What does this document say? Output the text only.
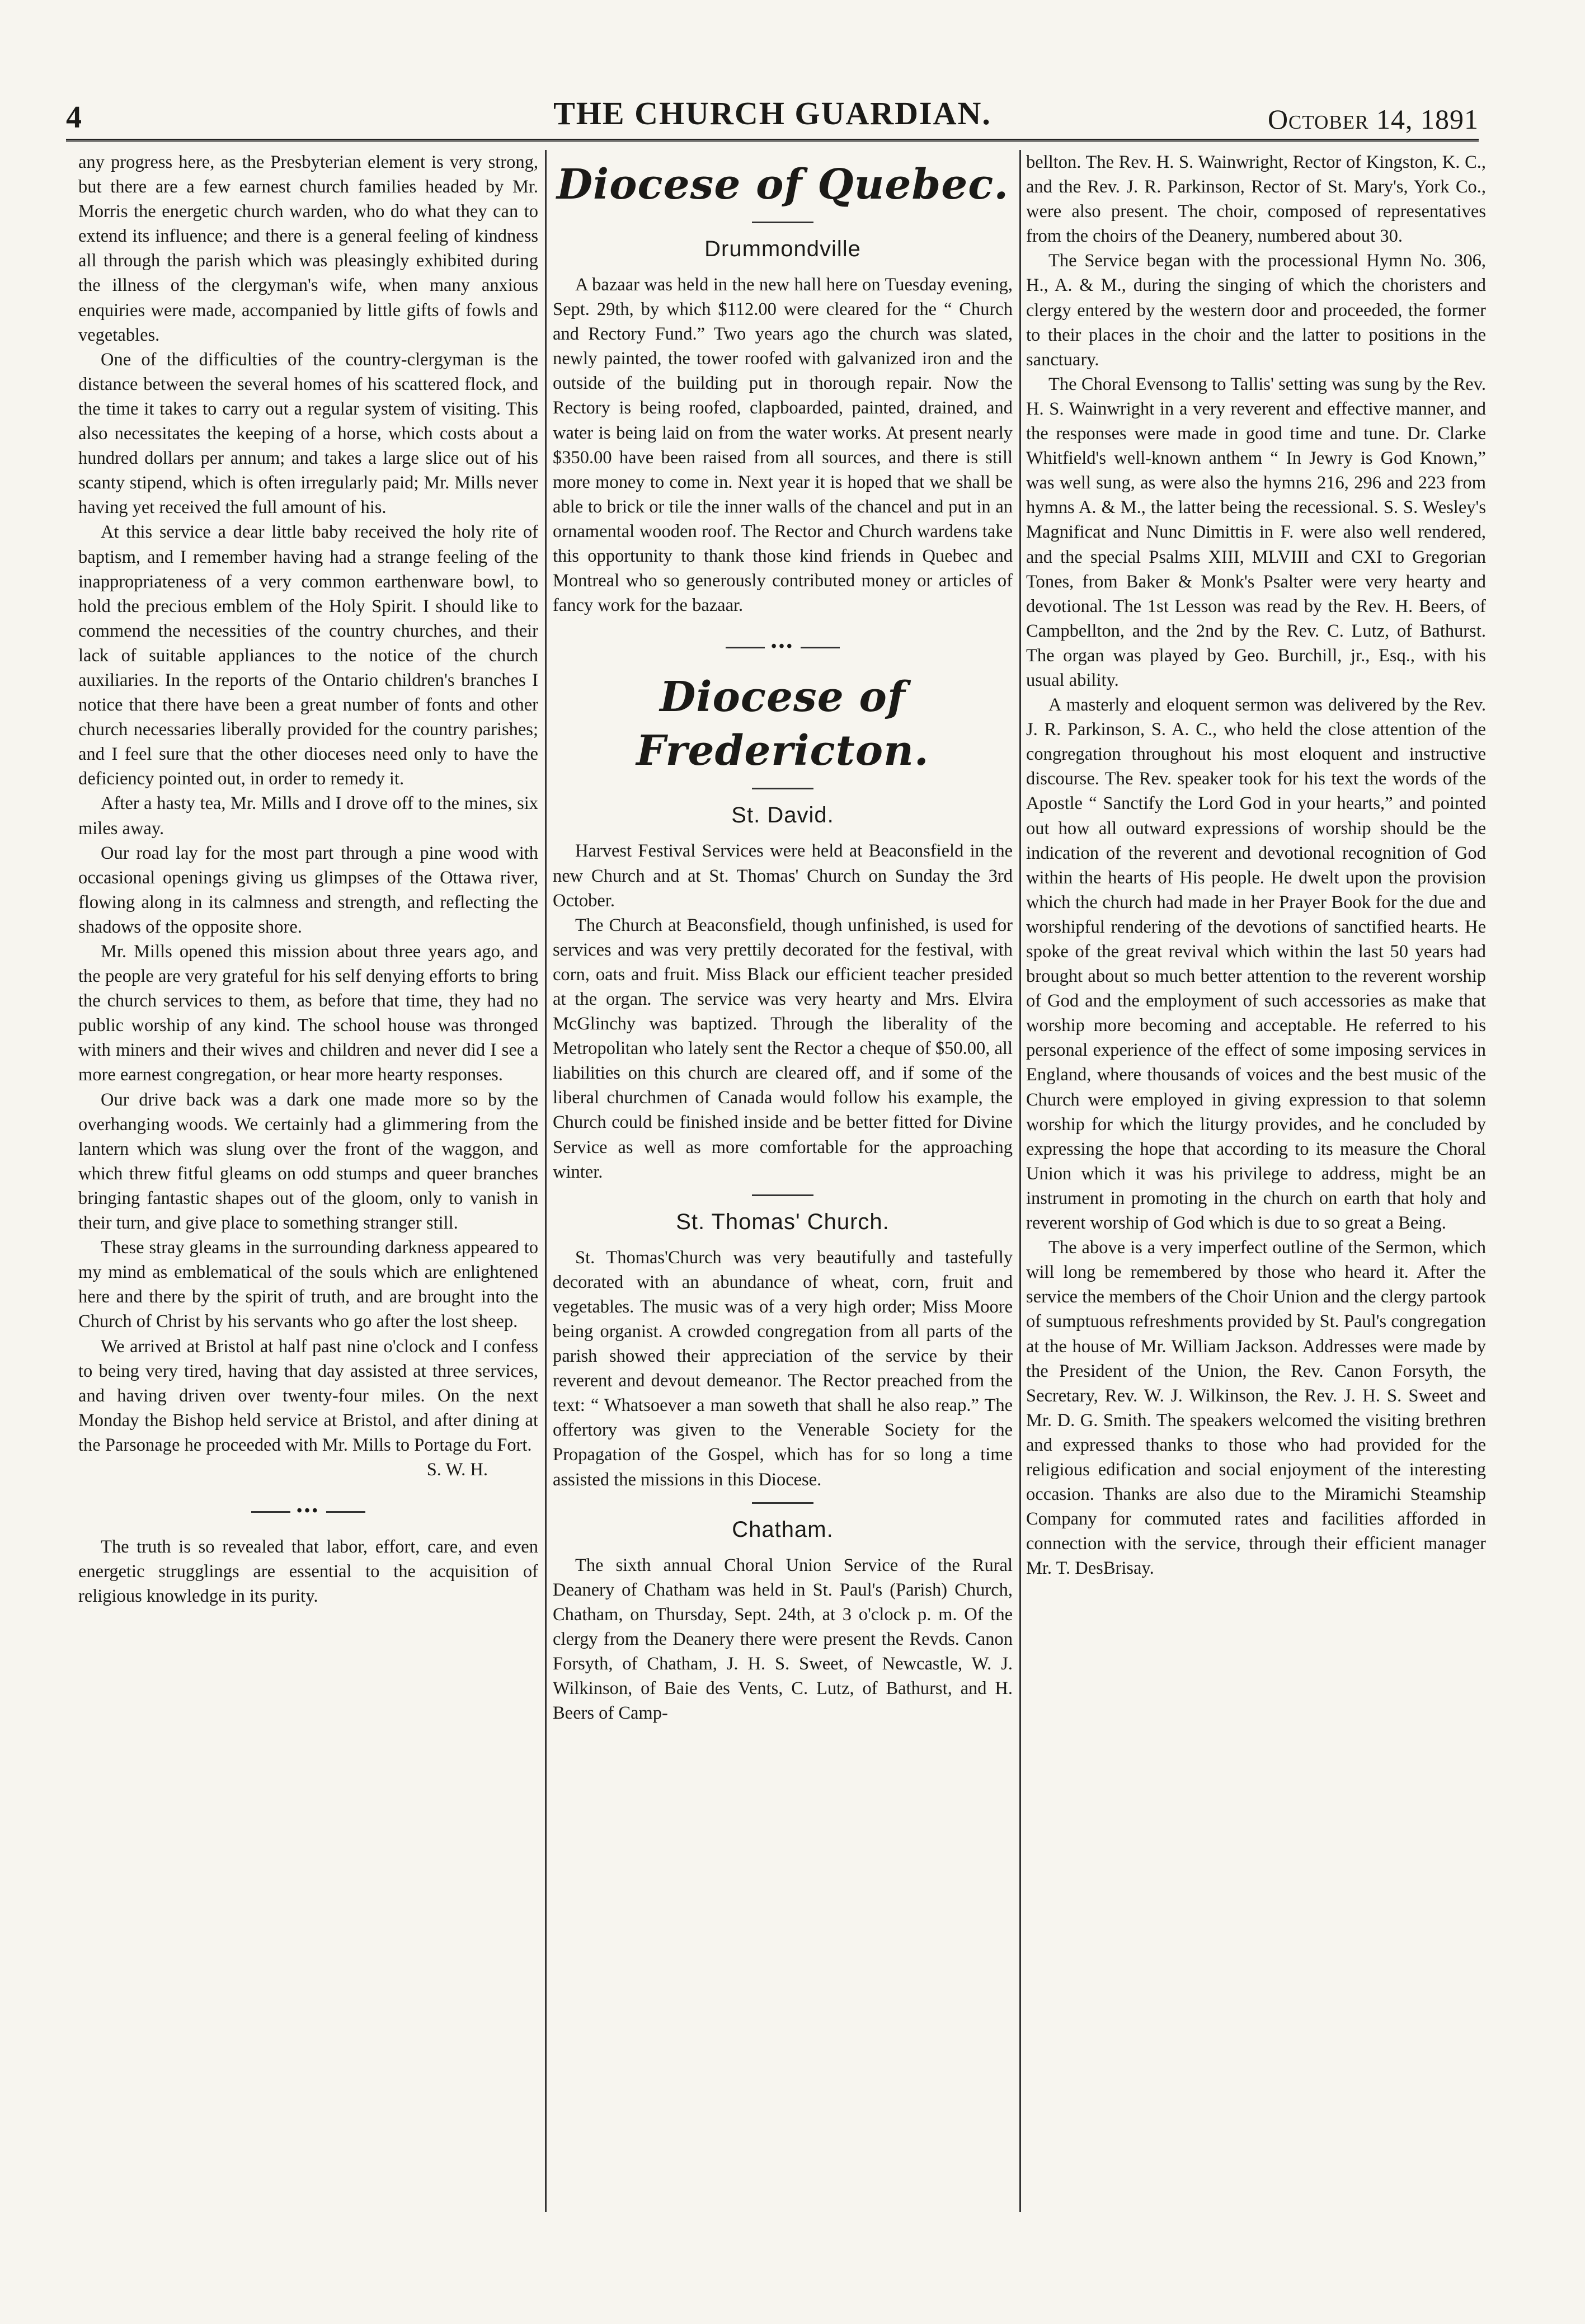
4	THE CHURCH GUARDIAN.	October 14, 1891

any progress here, as the Presbyterian element is very strong, but there are a few earnest church families headed by Mr. Morris the energetic church warden, who do what they can to extend its influence; and there is a general feeling of kindness all through the parish which was pleasingly exhibited during the illness of the clergyman's wife, when many anxious enquiries were made, accompanied by little gifts of fowls and vegetables.

One of the difficulties of the country-clergyman is the distance between the several homes of his scattered flock, and the time it takes to carry out a regular system of visiting. This also necessitates the keeping of a horse, which costs about a hundred dollars per annum; and takes a large slice out of his scanty stipend, which is often irregularly paid; Mr. Mills never having yet received the full amount of his.

At this service a dear little baby received the holy rite of baptism, and I remember having had a strange feeling of the inappropriateness of a very common earthenware bowl, to hold the precious emblem of the Holy Spirit. I should like to commend the necessities of the country churches, and their lack of suitable appliances to the notice of the church auxiliaries. In the reports of the Ontario children's branches I notice that there have been a great number of fonts and other church necessaries liberally provided for the country parishes; and I feel sure that the other dioceses need only to have the deficiency pointed out, in order to remedy it.

After a hasty tea, Mr. Mills and I drove off to the mines, six miles away.

Our road lay for the most part through a pine wood with occasional openings giving us glimpses of the Ottawa river, flowing along in its calmness and strength, and reflecting the shadows of the opposite shore.

Mr. Mills opened this mission about three years ago, and the people are very grateful for his self denying efforts to bring the church services to them, as before that time, they had no public worship of any kind. The school house was thronged with miners and their wives and children and never did I see a more earnest congregation, or hear more hearty responses.

Our drive back was a dark one made more so by the overhanging woods. We certainly had a glimmering from the lantern which was slung over the front of the waggon, and which threw fitful gleams on odd stumps and queer branches bringing fantastic shapes out of the gloom, only to vanish in their turn, and give place to something stranger still.

These stray gleams in the surrounding darkness appeared to my mind as emblematical of the souls which are enlightened here and there by the spirit of truth, and are brought into the Church of Christ by his servants who go after the lost sheep.

We arrived at Bristol at half past nine o'clock and I confess to being very tired, having that day assisted at three services, and having driven over twenty-four miles. On the next Monday the Bishop held service at Bristol, and after dining at the Parsonage he proceeded with Mr. Mills to Portage du Fort.

S. W. H.

•••

The truth is so revealed that labor, effort, care, and even energetic strugglings are essential to the acquisition of religious knowledge in its purity.

Diocese of Quebec.
Drummondville

A bazaar was held in the new hall here on Tuesday evening, Sept. 29th, by which $112.00 were cleared for the “ Church and Rectory Fund.” Two years ago the church was slated, newly painted, the tower roofed with galvanized iron and the outside of the building put in thorough repair. Now the Rectory is being roofed, clapboarded, painted, drained, and water is being laid on from the water works. At present nearly $350.00 have been raised from all sources, and there is still more money to come in. Next year it is hoped that we shall be able to brick or tile the inner walls of the chancel and put in an ornamental wooden roof. The Rector and Church wardens take this opportunity to thank those kind friends in Quebec and Montreal who so generously contributed money or articles of fancy work for the bazaar.

•••
Diocese of Fredericton.
St. David.

Harvest Festival Services were held at Beaconsfield in the new Church and at St. Thomas' Church on Sunday the 3rd October.

The Church at Beaconsfield, though unfinished, is used for services and was very prettily decorated for the festival, with corn, oats and fruit. Miss Black our efficient teacher presided at the organ. The service was very hearty and Mrs. Elvira McGlinchy was baptized. Through the liberality of the Metropolitan who lately sent the Rector a cheque of $50.00, all liabilities on this church are cleared off, and if some of the liberal churchmen of Canada would follow his example, the Church could be finished inside and be better fitted for Divine Service as well as more comfortable for the approaching winter.

St. Thomas' Church.

St. Thomas'Church was very beautifully and tastefully decorated with an abundance of wheat, corn, fruit and vegetables. The music was of a very high order; Miss Moore being organist. A crowded congregation from all parts of the parish showed their appreciation of the service by their reverent and devout demeanor. The Rector preached from the text: “ Whatsoever a man soweth that shall he also reap.” The offertory was given to the Venerable Society for the Propagation of the Gospel, which has for so long a time assisted the missions in this Diocese.

Chatham.

The sixth annual Choral Union Service of the Rural Deanery of Chatham was held in St. Paul's (Parish) Church, Chatham, on Thursday, Sept. 24th, at 3 o'clock p. m. Of the clergy from the Deanery there were present the Revds. Canon Forsyth, of Chatham, J. H. S. Sweet, of Newcastle, W. J. Wilkinson, of Baie des Vents, C. Lutz, of Bathurst, and H. Beers of Camp-

bellton. The Rev. H. S. Wainwright, Rector of Kingston, K. C., and the Rev. J. R. Parkinson, Rector of St. Mary's, York Co., were also present. The choir, composed of representatives from the choirs of the Deanery, numbered about 30.

The Service began with the processional Hymn No. 306, H., A. & M., during the singing of which the choristers and clergy entered by the western door and proceeded, the former to their places in the choir and the latter to positions in the sanctuary.

The Choral Evensong to Tallis' setting was sung by the Rev. H. S. Wainwright in a very reverent and effective manner, and the responses were made in good time and tune. Dr. Clarke Whitfield's well-known anthem “ In Jewry is God Known,” was well sung, as were also the hymns 216, 296 and 223 from hymns A. & M., the latter being the recessional. S. S. Wesley's Magnificat and Nunc Dimittis in F. were also well rendered, and the special Psalms XIII, MLVIII and CXI to Gregorian Tones, from Baker & Monk's Psalter were very hearty and devotional. The 1st Lesson was read by the Rev. H. Beers, of Campbellton, and the 2nd by the Rev. C. Lutz, of Bathurst. The organ was played by Geo. Burchill, jr., Esq., with his usual ability.

A masterly and eloquent sermon was delivered by the Rev. J. R. Parkinson, S. A. C., who held the close attention of the congregation throughout his most eloquent and instructive discourse. The Rev. speaker took for his text the words of the Apostle “ Sanctify the Lord God in your hearts,” and pointed out how all outward expressions of worship should be the indication of the reverent and devotional recognition of God within the hearts of His people. He dwelt upon the provision which the church had made in her Prayer Book for the due and worshipful rendering of the devotions of sanctified hearts. He spoke of the great revival which within the last 50 years had brought about so much better attention to the reverent worship of God and the employment of such accessories as make that worship more becoming and acceptable. He referred to his personal experience of the effect of some imposing services in England, where thousands of voices and the best music of the Church were employed in giving expression to that solemn worship for which the liturgy provides, and he concluded by expressing the hope that according to its measure the Choral Union which it was his privilege to address, might be an instrument in promoting in the church on earth that holy and reverent worship of God which is due to so great a Being.

The above is a very imperfect outline of the Sermon, which will long be remembered by those who heard it. After the service the members of the Choir Union and the clergy partook of sumptuous refreshments provided by St. Paul's congregation at the house of Mr. William Jackson. Addresses were made by the President of the Union, the Rev. Canon Forsyth, the Secretary, Rev. W. J. Wilkinson, the Rev. J. H. S. Sweet and Mr. D. G. Smith. The speakers welcomed the visiting brethren and expressed thanks to those who had provided for the religious edification and social enjoyment of the interesting occasion. Thanks are also due to the Miramichi Steamship Company for commuted rates and facilities afforded in connection with the service, through their efficient manager Mr. T. DesBrisay.
